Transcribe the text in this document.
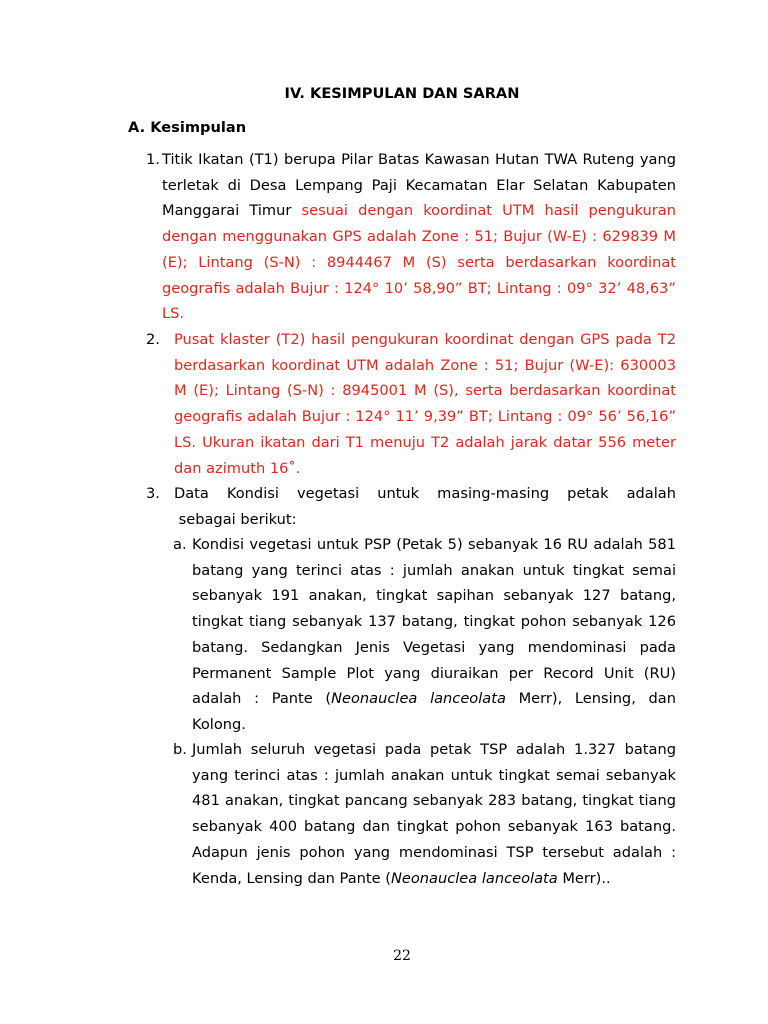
IV. KESIMPULAN DAN SARAN
A. Kesimpulan
1. Titik Ikatan (T1) berupa Pilar Batas Kawasan Hutan TWA Ruteng yang terletak di Desa Lempang Paji Kecamatan Elar Selatan Kabupaten Manggarai Timur sesuai dengan koordinat UTM hasil pengukuran dengan menggunakan GPS adalah Zone : 51; Bujur (W-E) : 629839 M (E); Lintang (S-N) : 8944467 M (S) serta berdasarkan koordinat geografis adalah Bujur : 124° 10’ 58,90” BT; Lintang : 09° 32’ 48,63” LS.
2. Pusat klaster (T2) hasil pengukuran koordinat dengan GPS pada T2 berdasarkan koordinat UTM adalah Zone : 51; Bujur (W-E): 630003 M (E); Lintang (S-N) : 8945001 M (S), serta berdasarkan koordinat geografis adalah Bujur : 124° 11’ 9,39” BT; Lintang : 09° 56’ 56,16” LS. Ukuran ikatan dari T1 menuju T2 adalah jarak datar 556 meter dan azimuth 16˚.
3. Data Kondisi vegetasi untuk masing-masing petak adalah
sebagai berikut:
a. Kondisi vegetasi untuk PSP (Petak 5) sebanyak 16 RU adalah 581 batang yang terinci atas : jumlah anakan untuk tingkat semai sebanyak 191 anakan, tingkat sapihan sebanyak 127 batang, tingkat tiang sebanyak 137 batang, tingkat pohon sebanyak 126 batang. Sedangkan Jenis Vegetasi yang mendominasi pada Permanent Sample Plot yang diuraikan per Record Unit (RU) adalah : Pante (Neonauclea lanceolata Merr), Lensing, dan Kolong.
b. Jumlah seluruh vegetasi pada petak TSP adalah 1.327 batang yang terinci atas : jumlah anakan untuk tingkat semai sebanyak 481 anakan, tingkat pancang sebanyak 283 batang, tingkat tiang sebanyak 400 batang dan tingkat pohon sebanyak 163 batang. Adapun jenis pohon yang mendominasi TSP tersebut adalah : Kenda, Lensing dan Pante (Neonauclea lanceolata Merr)..
22
